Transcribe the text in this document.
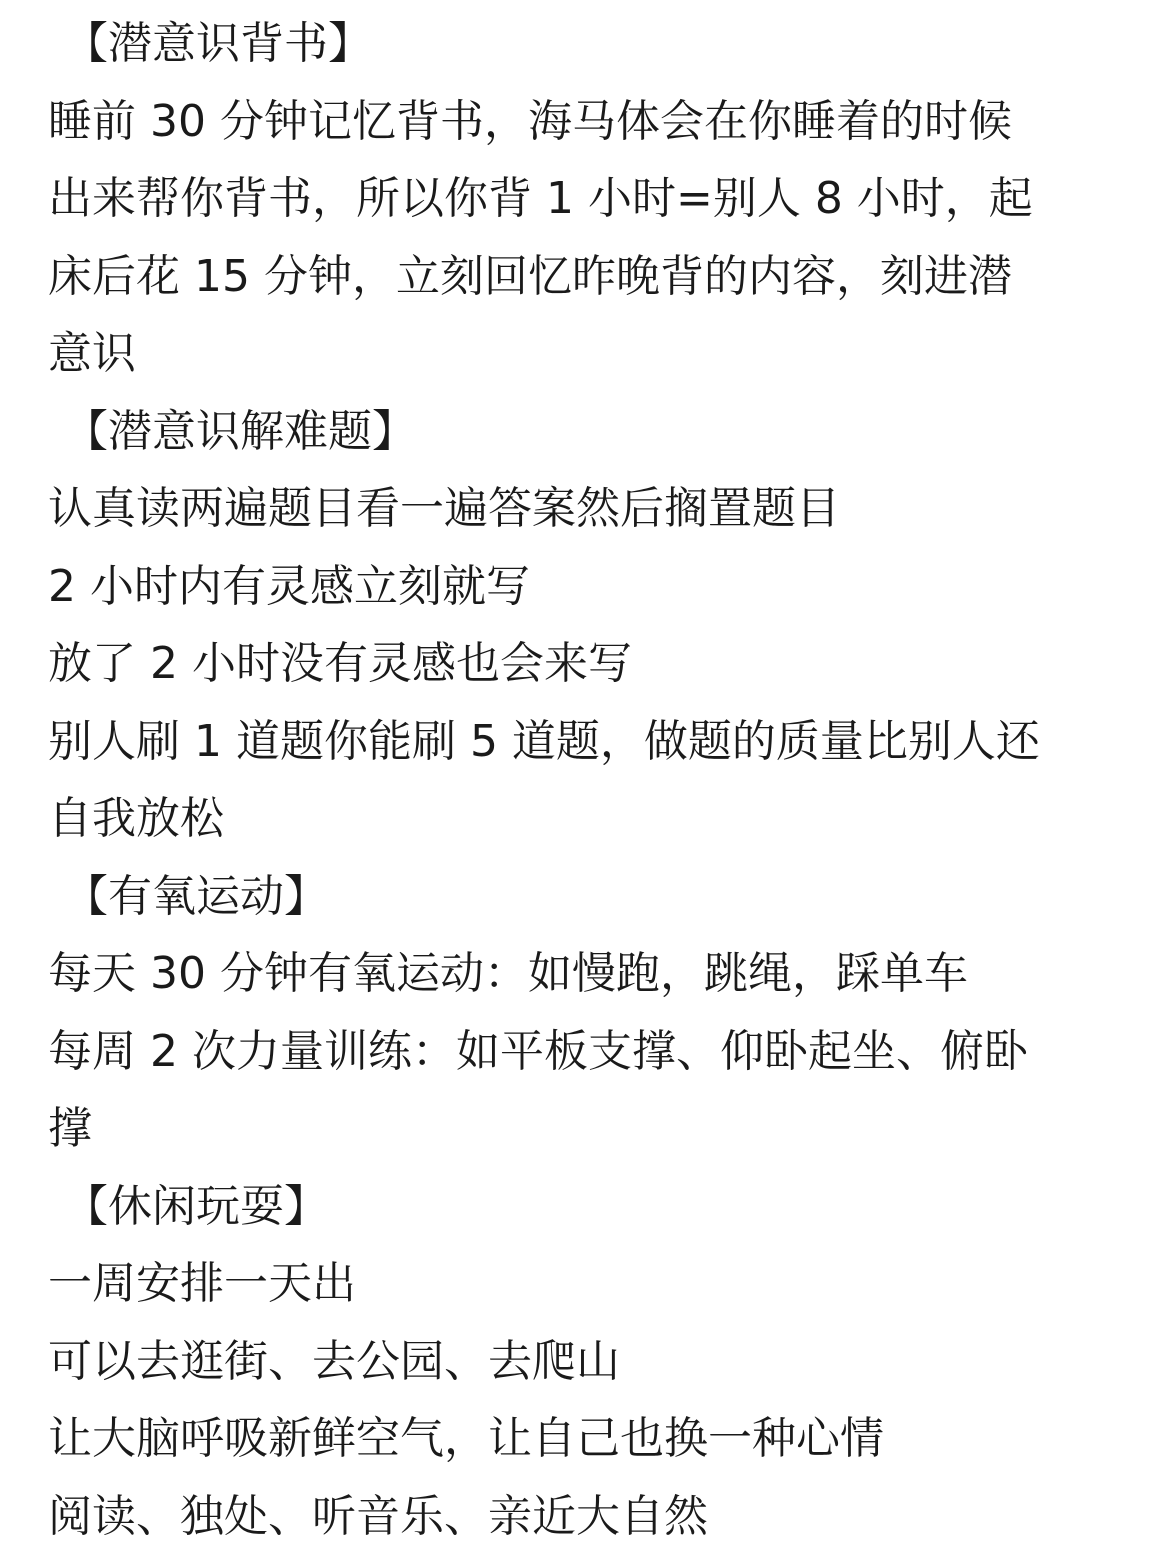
【潜意识背书】
睡前 30 分钟记忆背书，海马体会在你睡着的时候
出来帮你背书，所以你背 1 小时=别人 8 小时，起
床后花 15 分钟，立刻回忆昨晚背的内容，刻进潜
意识
【潜意识解难题】
认真读两遍题目看一遍答案然后搁置题目
2 小时内有灵感立刻就写
放了 2 小时没有灵感也会来写
别人刷 1 道题你能刷 5 道题，做题的质量比别人还
自我放松
【有氧运动】
每天 30 分钟有氧运动：如慢跑，跳绳，踩单车
每周 2 次力量训练：如平板支撑、仰卧起坐、俯卧
撑
【休闲玩耍】
一周安排一天出
可以去逛街、去公园、去爬山
让大脑呼吸新鲜空气，让自己也换一种心情
阅读、独处、听音乐、亲近大自然
